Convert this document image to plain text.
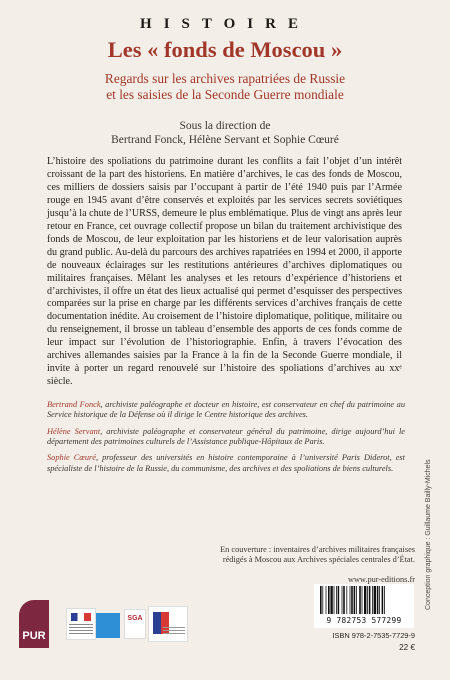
HISTOIRE
Les « fonds de Moscou »
Regards sur les archives rapatriées de Russie
et les saisies de la Seconde Guerre mondiale
Sous la direction de
Bertrand Fonck, Hélène Servant et Sophie Cœuré

L’histoire des spoliations du patrimoine durant les conflits a fait l’objet d’un intérêt croissant de la part des historiens. En matière d’archives, le cas des fonds de Moscou, ces milliers de dossiers saisis par l’occupant à partir de l’été 1940 puis par l’Armée rouge en 1945 avant d’être conservés et exploités par les services secrets soviétiques jusqu’à la chute de l’URSS, demeure le plus emblématique. Plus de vingt ans après leur retour en France, cet ouvrage collectif propose un bilan du traitement archivistique des fonds de Moscou, de leur exploitation par les historiens et de leur valorisation auprès du grand public. Au-delà du parcours des archives rapatriées en 1994 et 2000, il apporte de nouveaux éclairages sur les restitutions antérieures d’archives diplomatiques ou militaires françaises. Mêlant les analyses et les retours d’expérience d’historiens et d’archivistes, il offre un état des lieux actualisé qui permet d’esquisser des perspectives comparées sur la prise en charge par les différents services d’archives français de cette documentation inédite. Au croisement de l’histoire diplomatique, politique, militaire ou du renseignement, il brosse un tableau d’ensemble des apports de ces fonds comme de leur impact sur l’évolution de l’historiographie. Enfin, à travers l’évocation des archives allemandes saisies par la France à la fin de la Seconde Guerre mondiale, il invite à porter un regard renouvelé sur l’histoire des spoliations d’archives au xxᵉ siècle.

Bertrand Fonck, archiviste paléographe et docteur en histoire, est conservateur en chef du patrimoine au Service historique de la Défense où il dirige le Centre historique des archives.

Hélène Servant, archiviste paléographe et conservateur général du patrimoine, dirige aujourd’hui le département des patrimoines culturels de l’Assistance publique-Hôpitaux de Paris.

Sophie Cœuré, professeur des universités en histoire contemporaine à l’université Paris Diderot, est spécialiste de l’histoire de la Russie, du communisme, des archives et des spoliations de biens culturels.

En couverture : inventaires d’archives militaires françaises
rédigés à Moscou aux Archives spéciales centrales d’État.
www.pur-editions.fr
9 782753 577299
ISBN 978-2-7535-7729-9
22 €
Conception graphique : Guillaume Bailly-Michels
PUR
SGA
